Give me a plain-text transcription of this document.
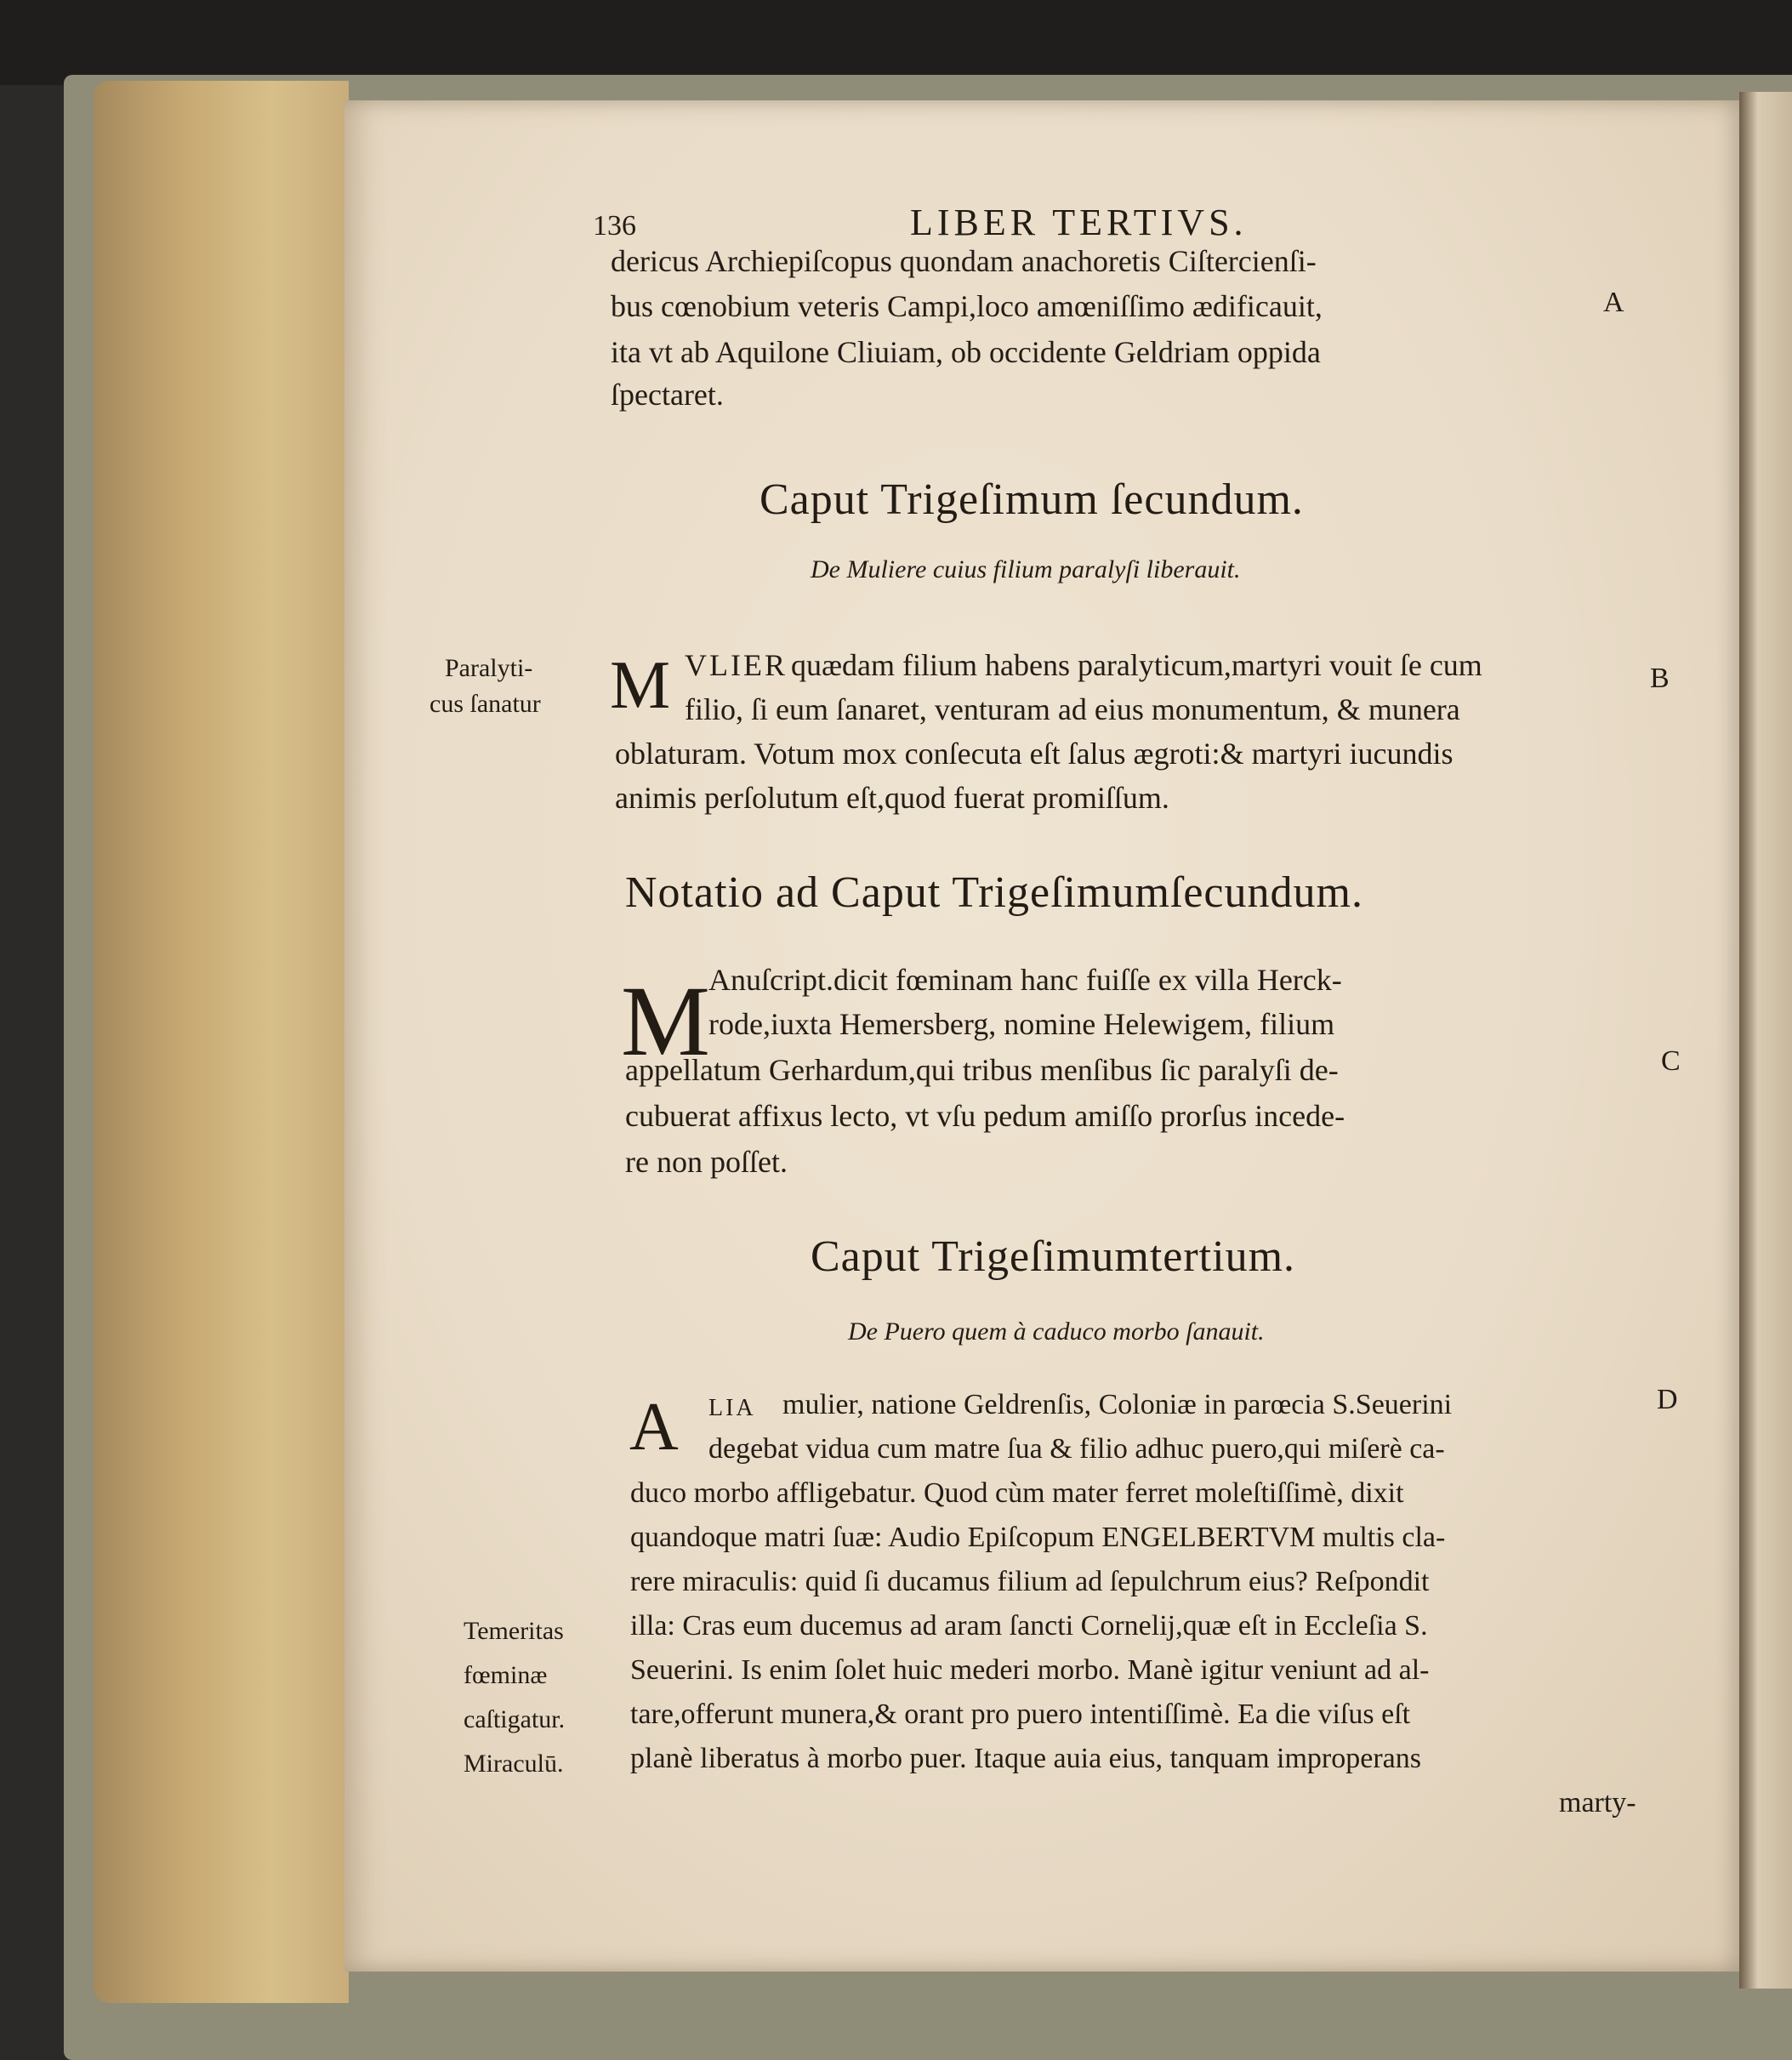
136	LIBER TERTIVS.
dericus Archiepiſcopus quondam anachoretis Ciſtercienſi-
bus cœnobium veteris Campi,loco amœniſſimo ædificauit,
ita vt ab Aquilone Cliuiam, ob occidente Geldriam oppida
ſpectaret.
A
Caput Trigeſimum ſecundum.
De Muliere cuius filium paralyſi liberauit.
Paralyti-
cus ſanatur M VLIER quædam filium habens paralyticum,martyri vouit ſe cum
filio, ſi eum ſanaret, venturam ad eius monumentum, & munera
oblaturam. Votum mox conſecuta eſt ſalus ægroti:& martyri iucundis
animis perſolutum eſt,quod fuerat promiſſum.
B
Notatio ad Caput Trigeſimumſecundum.
M
Anuſcript.dicit fœminam hanc fuiſſe ex villa Herck-
rode,iuxta Hemersberg, nomine Helewigem, filium
appellatum Gerhardum,qui tribus menſibus ſic paralyſi de-
cubuerat affixus lecto, vt vſu pedum amiſſo prorſus incede-
re non poſſet.
C
Caput Trigeſimumtertium.
De Puero quem à caduco morbo ſanauit.
A LIA mulier, natione Geldrenſis, Coloniæ in parœcia S.Seuerini
degebat vidua cum matre ſua & filio adhuc puero,qui miſerè ca-
duco morbo affligebatur. Quod cùm mater ferret moleſtiſſimè, dixit
quandoque matri ſuæ: Audio Epiſcopum ENGELBERTVM multis cla-
rere miraculis: quid ſi ducamus filium ad ſepulchrum eius? Reſpondit
illa: Cras eum ducemus ad aram ſancti Cornelij,quæ eſt in Eccleſia S.
Seuerini. Is enim ſolet huic mederi morbo. Manè igitur veniunt ad al-
tare,offerunt munera,& orant pro puero intentiſſimè. Ea die viſus eſt
planè liberatus à morbo puer. Itaque auia eius, tanquam improperans
marty-
D
Temeritas
fœminæ
caſtigatur.
Miraculū.
